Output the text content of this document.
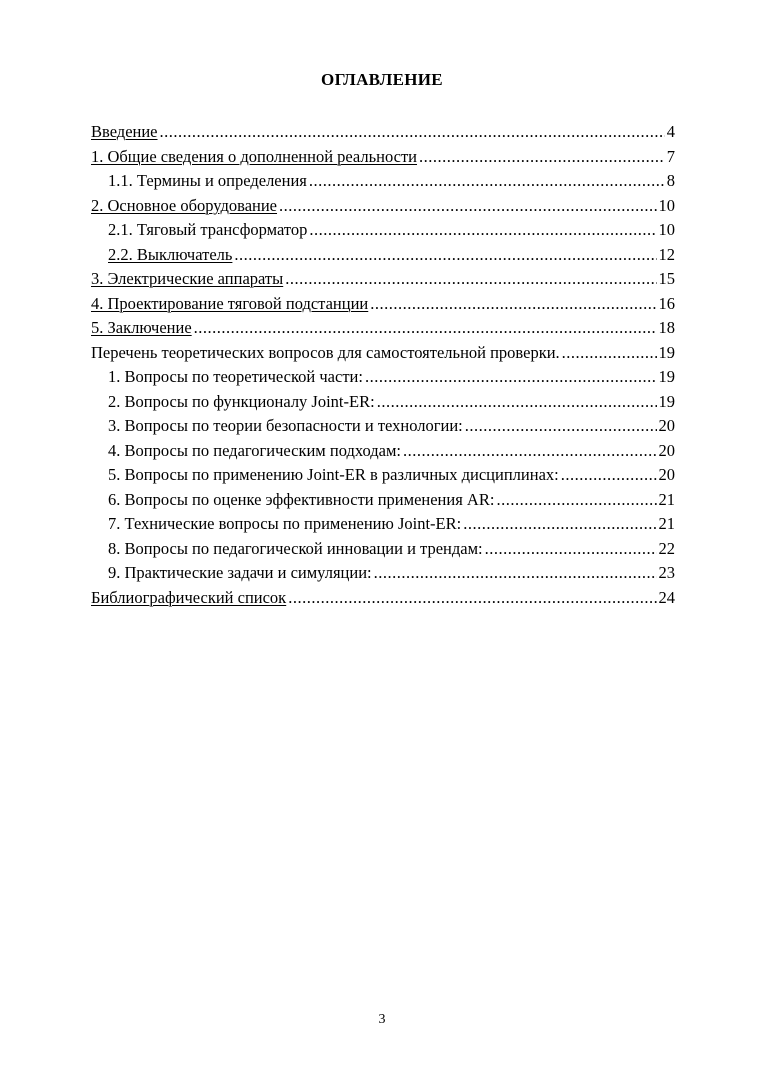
ОГЛАВЛЕНИЕ
Введение .....	4
1. Общие сведения о дополненной реальности .....	7
1.1. Термины и определения .....	8
2. Основное оборудование .....	10
2.1. Тяговый трансформатор .....	10
2.2. Выключатель .....	12
3. Электрические аппараты .....	15
4. Проектирование тяговой подстанции .....	16
5. Заключение .....	18
Перечень теоретических вопросов для самостоятельной проверки. .....	19
1. Вопросы по теоретической части: .....	19
2. Вопросы по функционалу Joint-ER: .....	19
3. Вопросы по теории безопасности и технологии: .....	20
4. Вопросы по педагогическим подходам: .....	20
5. Вопросы по применению Joint-ER в различных дисциплинах: .....	20
6. Вопросы по оценке эффективности применения AR: .....	21
7. Технические вопросы по применению Joint-ER: .....	21
8. Вопросы по педагогической инновации и трендам: .....	22
9. Практические задачи и симуляции: .....	23
Библиографический список .....	24
3
